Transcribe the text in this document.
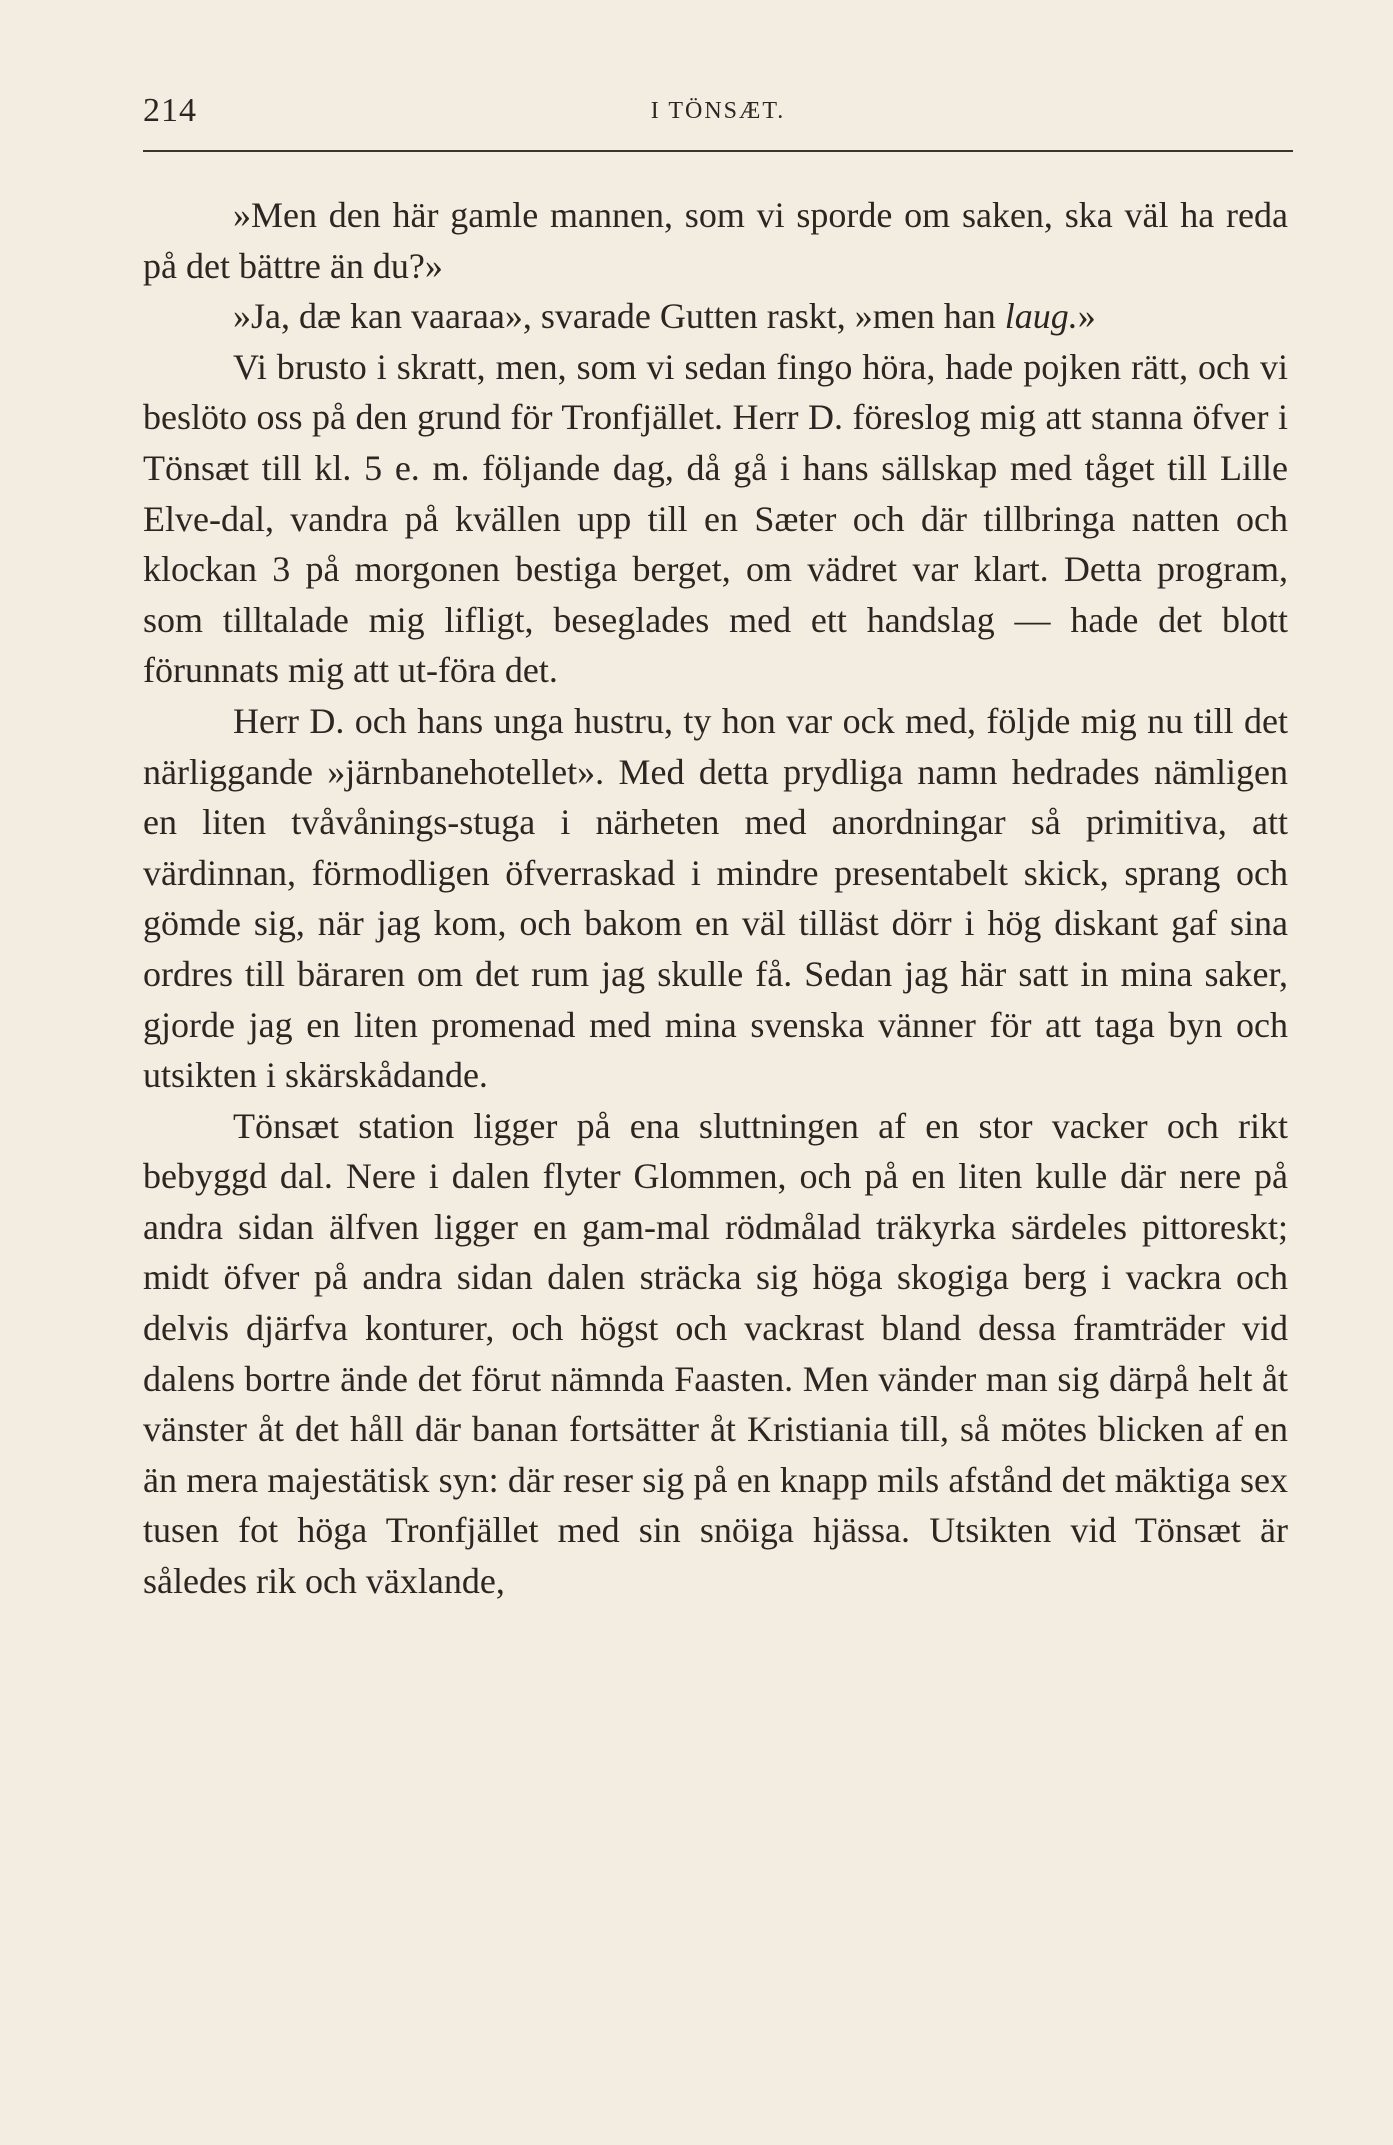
214	I TÖNSÆT.

»Men den här gamle mannen, som vi sporde om saken, ska väl ha reda på det bättre än du?»

»Ja, dæ kan vaaraa», svarade Gutten raskt, »men han laug.»

Vi brusto i skratt, men, som vi sedan fingo höra, hade pojken rätt, och vi beslöto oss på den grund för Tronfjället. Herr D. föreslog mig att stanna öfver i Tönsæt till kl. 5 e. m. följande dag, då gå i hans sällskap med tåget till Lille Elve-dal, vandra på kvällen upp till en Sæter och där tillbringa natten och klockan 3 på morgonen bestiga berget, om vädret var klart. Detta program, som tilltalade mig lifligt, beseglades med ett handslag — hade det blott förunnats mig att ut-föra det.

Herr D. och hans unga hustru, ty hon var ock med, följde mig nu till det närliggande »järnbanehotellet». Med detta prydliga namn hedrades nämligen en liten tvåvånings-stuga i närheten med anordningar så primitiva, att värdinnan, förmodligen öfverraskad i mindre presentabelt skick, sprang och gömde sig, när jag kom, och bakom en väl tilläst dörr i hög diskant gaf sina ordres till bäraren om det rum jag skulle få. Sedan jag här satt in mina saker, gjorde jag en liten promenad med mina svenska vänner för att taga byn och utsikten i skärskådande.

Tönsæt station ligger på ena sluttningen af en stor vacker och rikt bebyggd dal. Nere i dalen flyter Glommen, och på en liten kulle där nere på andra sidan älfven ligger en gam-mal rödmålad träkyrka särdeles pittoreskt; midt öfver på andra sidan dalen sträcka sig höga skogiga berg i vackra och delvis djärfva konturer, och högst och vackrast bland dessa framträder vid dalens bortre ände det förut nämnda Faasten. Men vänder man sig därpå helt åt vänster åt det håll där banan fortsätter åt Kristiania till, så mötes blicken af en än mera majestätisk syn: där reser sig på en knapp mils afstånd det mäktiga sex tusen fot höga Tronfjället med sin snöiga hjässa. Utsikten vid Tönsæt är således rik och växlande,
